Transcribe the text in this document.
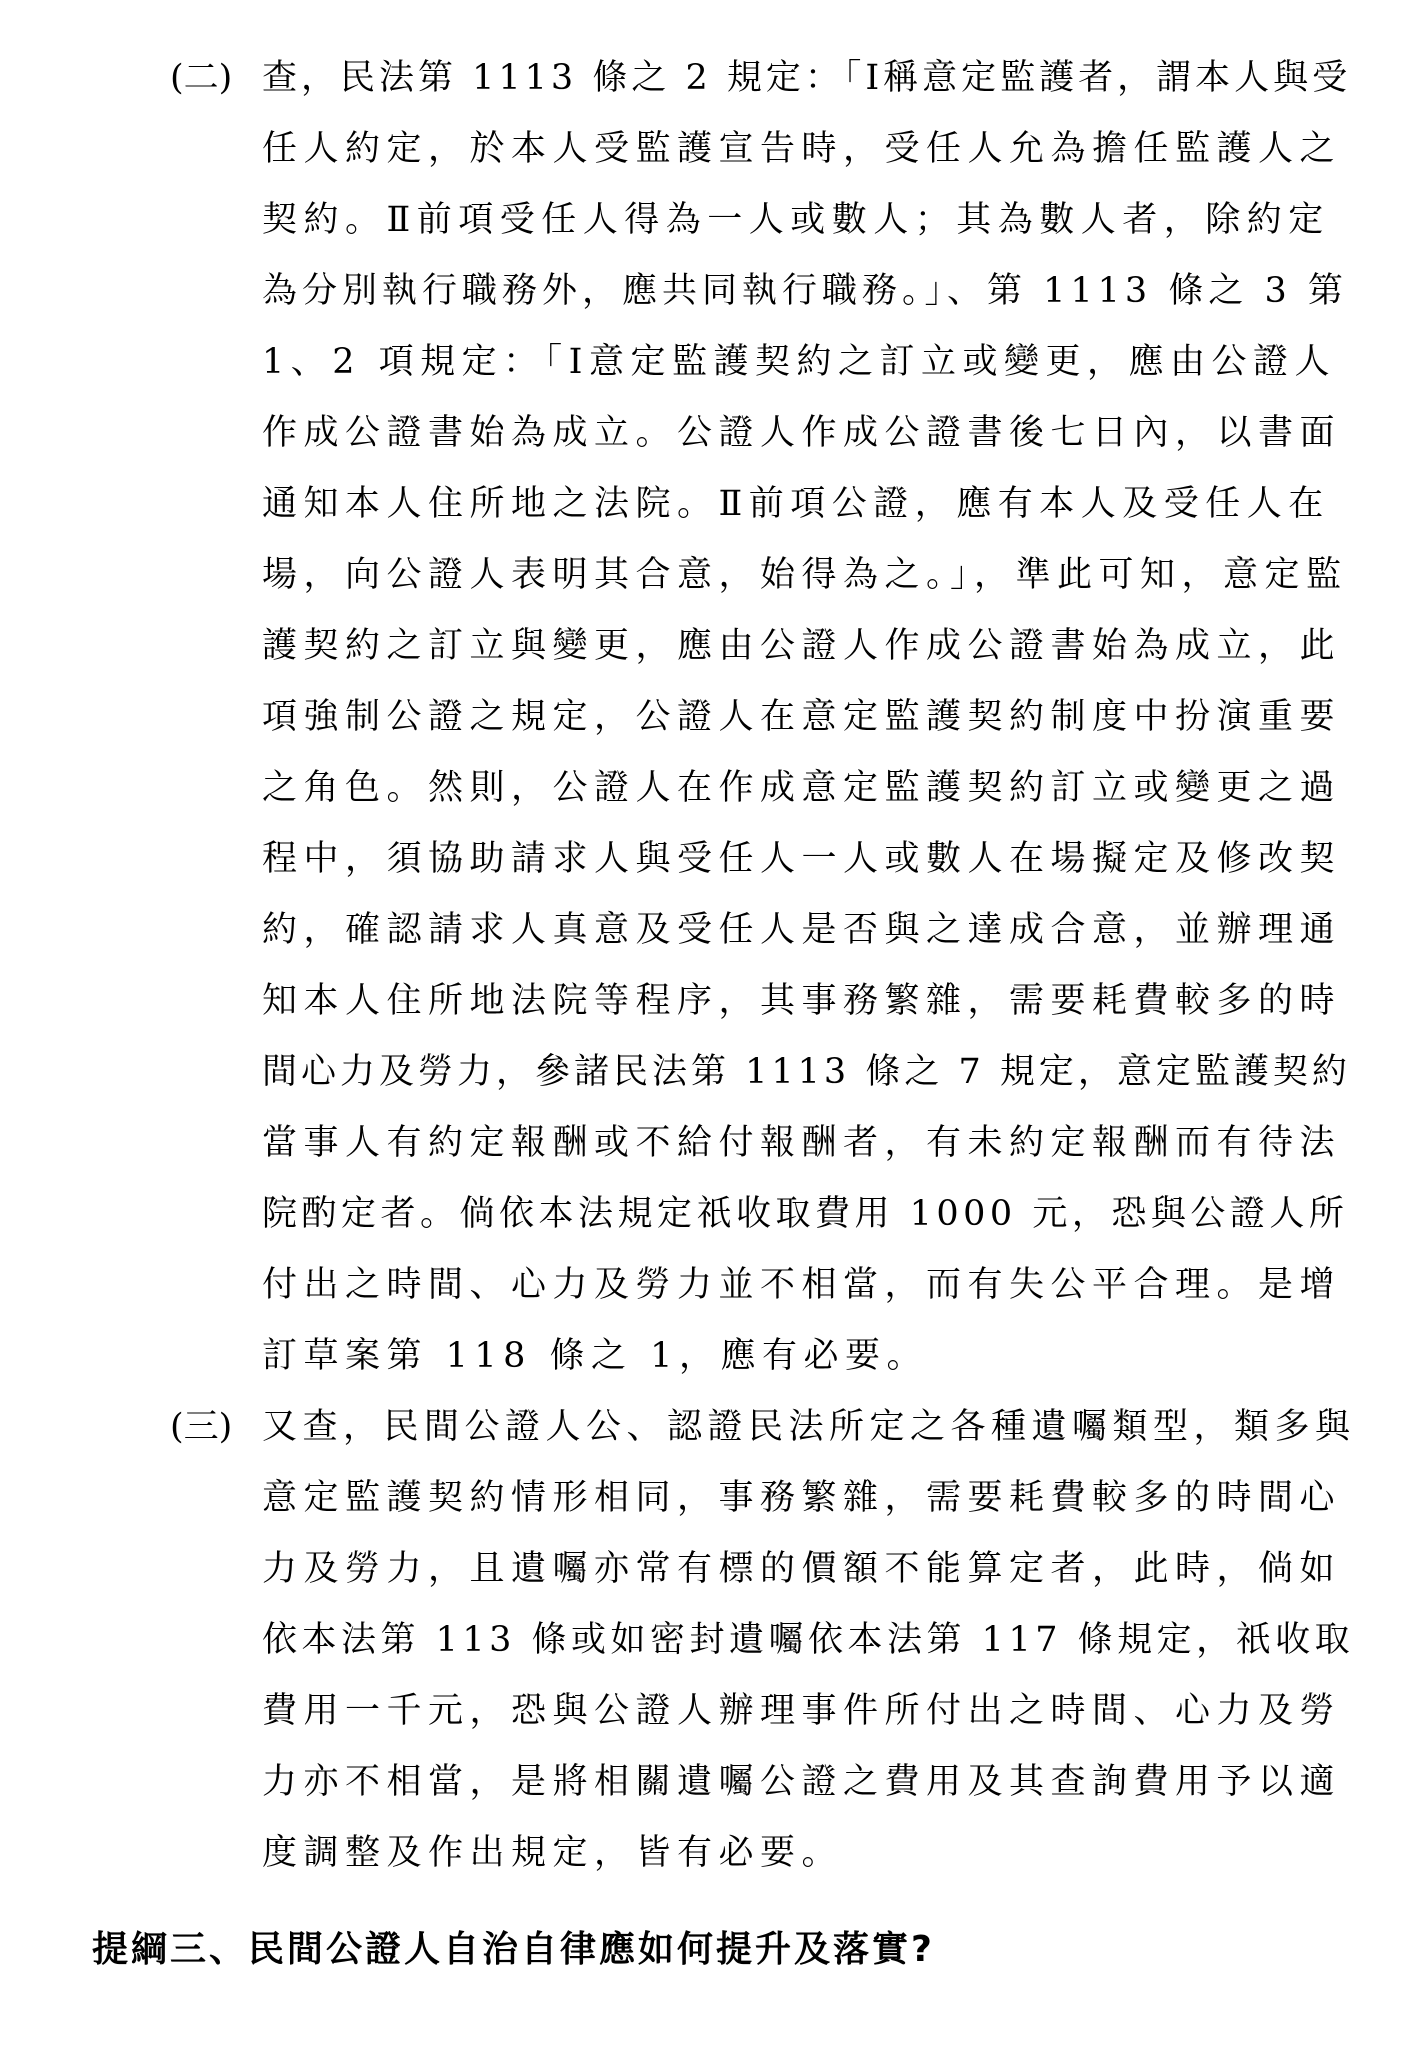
(二) 查，民法第 1113 條之 2 規定：「Ⅰ稱意定監護者，謂本人與受
任人約定，於本人受監護宣告時，受任人允為擔任監護人之
契約。Ⅱ前項受任人得為一人或數人；其為數人者，除約定
為分別執行職務外，應共同執行職務。」、第 1113 條之 3 第
1、2 項規定：「Ⅰ意定監護契約之訂立或變更，應由公證人
作成公證書始為成立。公證人作成公證書後七日內，以書面
通知本人住所地之法院。Ⅱ前項公證，應有本人及受任人在
場，向公證人表明其合意，始得為之。」，準此可知，意定監
護契約之訂立與變更，應由公證人作成公證書始為成立，此
項強制公證之規定，公證人在意定監護契約制度中扮演重要
之角色。然則，公證人在作成意定監護契約訂立或變更之過
程中，須協助請求人與受任人一人或數人在場擬定及修改契
約，確認請求人真意及受任人是否與之達成合意，並辦理通
知本人住所地法院等程序，其事務繁雜，需要耗費較多的時
間心力及勞力，參諸民法第 1113 條之 7 規定，意定監護契約
當事人有約定報酬或不給付報酬者，有未約定報酬而有待法
院酌定者。倘依本法規定祇收取費用 1000 元，恐與公證人所
付出之時間、心力及勞力並不相當，而有失公平合理。是增
訂草案第 118 條之 1，應有必要。
(三) 又查，民間公證人公、認證民法所定之各種遺囑類型，類多與
意定監護契約情形相同，事務繁雜，需要耗費較多的時間心
力及勞力，且遺囑亦常有標的價額不能算定者，此時，倘如
依本法第 113 條或如密封遺囑依本法第 117 條規定，祇收取
費用一千元，恐與公證人辦理事件所付出之時間、心力及勞
力亦不相當，是將相關遺囑公證之費用及其查詢費用予以適
度調整及作出規定，皆有必要。
提綱三、民間公證人自治自律應如何提升及落實?
